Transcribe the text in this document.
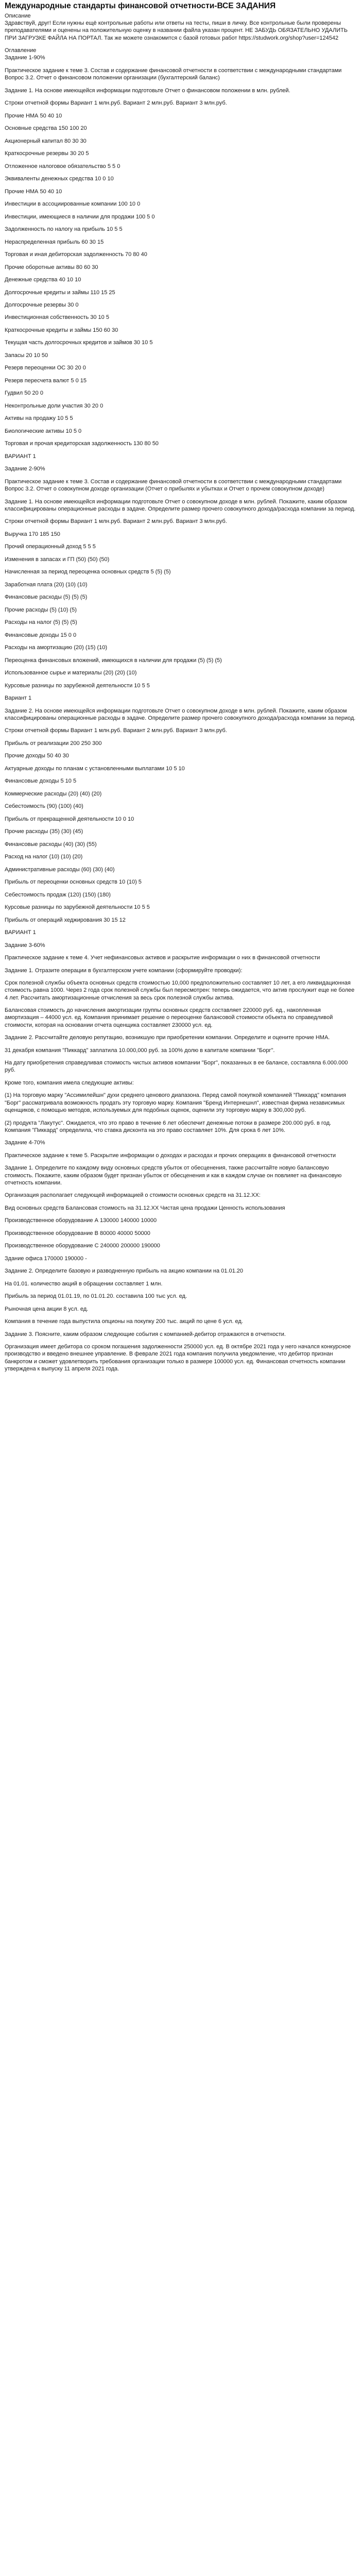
Международные стандарты финансовой отчетности-ВСЕ ЗАДАНИЯ

Описание
Здравствуй, друг! Если нужны ещё контрольные работы или ответы на тесты, пиши в личку. Все контрольные были проверены преподавателями и оценены на положительную оценку в названии файла указан процент. НЕ ЗАБУДЬ ОБЯЗАТЕЛЬНО УДАЛИТЬ ПРИ ЗАГРУЗКЕ ФАЙЛА НА ПОРТАЛ. Так же можете ознакомится с базой готовых работ https://studwork.org/shop?user=124542

Оглавление
Задание 1-90%

Практическое задание к теме 3. Состав и содержание финансовой отчетности в соответствии с международными стандартами Вопрос 3.2. Отчет о финансовом положении организации (бухгалтерский баланс)

Задание 1. На основе имеющейся информации подготовьте Отчет о финансовом положении в млн. рублей.

Строки отчетной формы Вариант 1 млн.руб. Вариант 2 млн.руб. Вариант 3 млн.руб.

Прочие НМА 50 40 10

Основные средства 150 100 20

Акционерный капитал 80 30 30

Краткосрочные резервы 30 20 5

Отложенное налоговое обязательство 5 5 0

Эквиваленты денежных средства 10 0 10

Прочие НМА 50 40 10

Инвестиции в ассоциированные компании 100 10 0

Инвестиции, имеющиеся в наличии для продажи 100 5 0

Задолженность по налогу на прибыль 10 5 5

Нераспределенная прибыль 60 30 15

Торговая и иная дебиторская задолженность 70 80 40

Прочие оборотные активы 80 60 30

Денежные средства 40 10 10

Долгосрочные кредиты и займы 110 15 25

Долгосрочные резервы 30 0

Инвестиционная собственность 30 10 5

Краткосрочные кредиты и займы 150 60 30

Текущая часть долгосрочных кредитов и займов 30 10 5

Запасы 20 10 50

Резерв переоценки ОС 30 20 0

Резерв пересчета валют 5 0 15

Гудвил 50 20 0

Неконтрольные доли участия 30 20 0

Активы на продажу 10 5 5

Биологические активы 10 5 0

Торговая и прочая кредиторская задолженность 130 80 50

ВАРИАНТ 1

Задание 2-90%

Практическое задание к теме 3. Состав и содержание финансовой отчетности в соответствии с международными стандартами Вопрос 3.2. Отчет о совокупном доходе организации (Отчет о прибылях и убытках и Отчет о прочем совокупном доходе)

Задание 1. На основе имеющейся информации подготовьте Отчет о совокупном доходе в млн. рублей. Покажите, каким образом классифицированы операционные расходы в задаче. Определите размер прочего совокупного дохода/расхода компании за период.

Строки отчетной формы Вариант 1 млн.руб. Вариант 2 млн.руб. Вариант 3 млн.руб.

Выручка 170 185 150

Прочий операционный доход 5 5 5

Изменения в запасах и ГП (50) (50) (50)

Начисленная за период переоценка основных средств 5 (5) (5)

Заработная плата (20) (10) (10)

Финансовые расходы (5) (5) (5)

Прочие расходы (5) (10) (5)

Расходы на налог (5) (5) (5)

Финансовые доходы 15 0 0

Расходы на амортизацию (20) (15) (10)

Переоценка финансовых вложений, имеющихся в наличии для продажи (5) (5) (5)

Использованное сырье и материалы (20) (20) (10)

Курсовые разницы по зарубежной деятельности 10 5 5

Вариант 1

Задание 2. На основе имеющейся информации подготовьте Отчет о совокупном доходе в млн. рублей. Покажите, каким образом классифицированы операционные расходы в задаче. Определите размер прочего совокупного дохода/расхода компании за период.

Строки отчетной формы Вариант 1 млн.руб. Вариант 2 млн.руб. Вариант 3 млн.руб.

Прибыль от реализации 200 250 300

Прочие доходы 50 40 30

Актуарные доходы по планам с установленными выплатами 10 5 10

Финансовые доходы 5 10 5

Коммерческие расходы (20) (40) (20)

Себестоимость (90) (100) (40)

Прибыль от прекращенной деятельности 10 0 10

Прочие расходы (35) (30) (45)

Финансовые расходы (40) (30) (55)

Расход на налог (10) (10) (20)

Административные расходы (60) (30) (40)

Прибыль от переоценки основных средств 10 (10) 5

Себестоимость продаж (120) (150) (180)

Курсовые разницы по зарубежной деятельности 10 5 5

Прибыль от операций хеджирования 30 15 12

ВАРИАНТ 1

Задание 3-60%

Практическое задание к теме 4. Учет нефинансовых активов и раскрытие информации о них в финансовой отчетности

Задание 1. Отразите операции в бухгалтерском учете компании (сформируйте проводки):

Срок полезной службы объекта основных средств стоимостью 10,000 предположительно составляет 10 лет, а его ликвидационная стоимость равна 1000. Через 2 года срок полезной службы был пересмотрен: теперь ожидается, что актив прослужит еще не более 4 лет. Рассчитать амортизационные отчисления за весь срок полезной службы актива.

Балансовая стоимость до начисления амортизации группы основных средств составляет 220000 руб. ед., накопленная амортизация – 44000 усл. ед. Компания принимает решение о переоценке балансовой стоимости объекта по справедливой стоимости, которая на основании отчета оценщика составляет 230000 усл. ед.

Задание 2. Рассчитайте деловую репутацию, возникшую при приобретении компании. Определите и оцените прочие НМА.

31 декабря компания "Пиккард" заплатила 10.000,000 руб. за 100% долю в капитале компании "Борг".

На дату приобретения справедливая стоимость чистых активов компании "Борг", показанных в ее балансе, составляла 6.000.000 руб.

Кроме того, компания имела следующие активы:

(1) На торговую марку "Ассимилейшн" духи среднего ценового диапазона. Перед самой покупкой компанией "Пиккард" компания "Борг" рассматривала возможность продать эту торговую марку. Компания "Бренд Интернешнл", известная фирма независимых оценщиков, с помощью методов, используемых для подобных оценок, оценили эту торговую марку в 300,000 руб.

(2) продукта "Лакутус". Ожидается, что это право в течение 6 лет обеспечит денежные потоки в размере 200.000 руб. в год. Компания "Пиккард" определила, что ставка дисконта на это право составляет 10%. Для срока 6 лет 10%.

Задание 4-70%

Практическое задание к теме 5. Раскрытие информации о доходах и расходах и прочих операциях в финансовой отчетности

Задание 1. Определите по каждому виду основных средств убыток от обесценения, также рассчитайте новую балансовую стоимость. Покажите, каким образом будет признан убыток от обесценения и как в каждом случае он повлияет на финансовую отчетность компании.

Организация располагает следующей информацией о стоимости основных средств на 31.12.ХХ:

Вид основных средств Балансовая стоимость на 31.12.ХХ Чистая цена продажи Ценность использования

Производственное оборудование А 130000 140000 10000

Производственное оборудование В 80000 40000 50000

Производственное оборудование С 240000 200000 190000

Здание офиса 170000 190000 -

Задание 2. Определите базовую и разводненную прибыль на акцию компании на 01.01.20

На 01.01. количество акций в обращении составляет 1 млн.

Прибыль за период 01.01.19, по 01.01.20. составила 100 тыс усл. ед.

Рыночная цена акции 8 усл. ед.

Компания в течение года выпустила опционы на покупку 200 тыс. акций по цене 6 усл. ед.

Задание 3. Поясните, каким образом следующие события с компанией-дебитор отражаются в отчетности.

Организация имеет дебитора со сроком погашения задолженности 250000 усл. ед. В октябре 2021 года у него начался конкурсное производство и введено внешнее управление. В феврале 2021 года компания получила уведомление, что дебитор признан банкротом и сможет удовлетворить требования организации только в размере 100000 усл. ед. Финансовая отчетность компании утверждена к выпуску 11 апреля 2021 года.
